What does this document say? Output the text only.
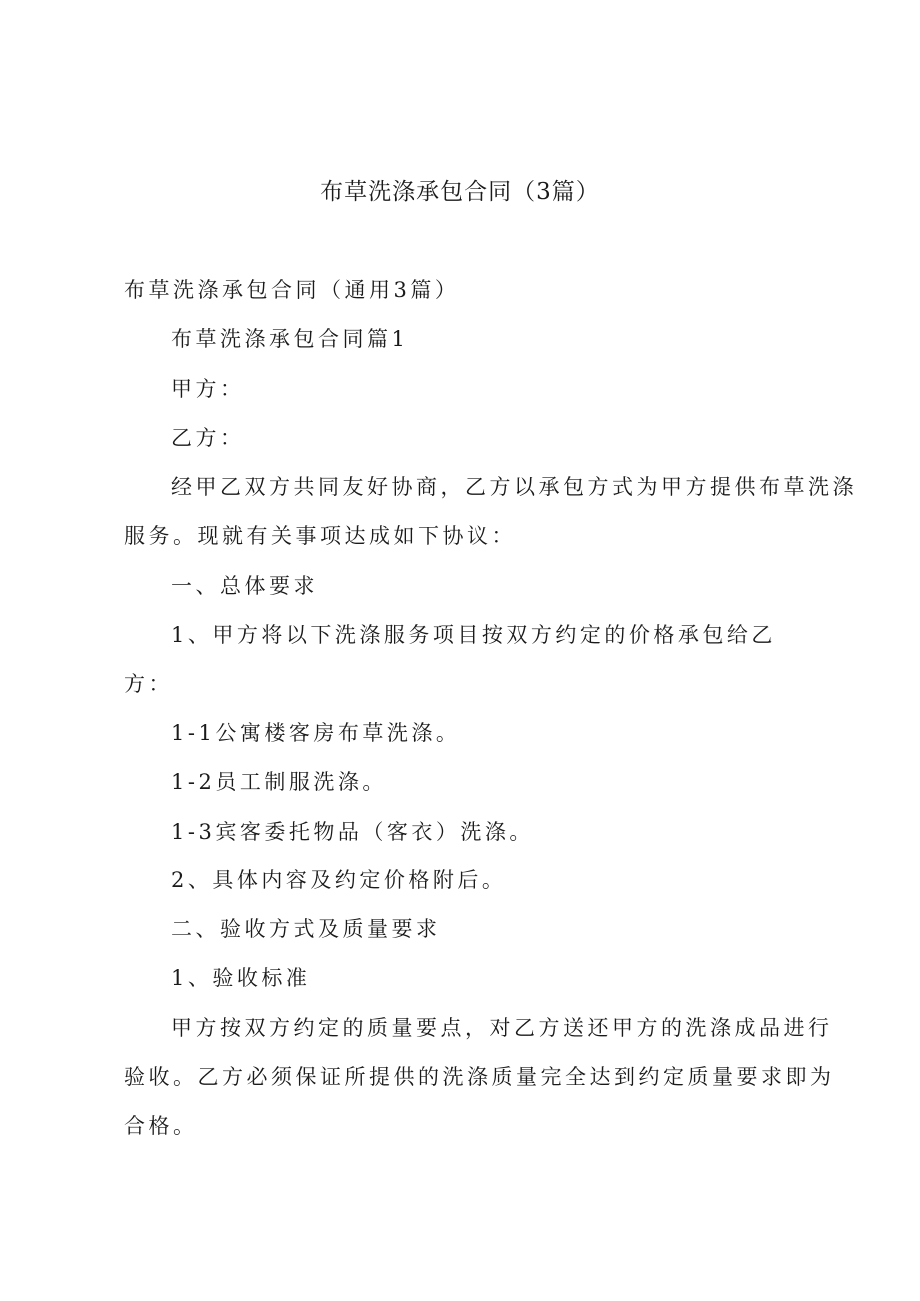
布草洗涤承包合同（3篇）
布草洗涤承包合同（通用3篇）
布草洗涤承包合同篇1
甲方：
乙方：
经甲乙双方共同友好协商，乙方以承包方式为甲方提供布草洗涤
服务。现就有关事项达成如下协议：
一、总体要求
1、甲方将以下洗涤服务项目按双方约定的价格承包给乙
方：
1-1公寓楼客房布草洗涤。
1-2员工制服洗涤。
1-3宾客委托物品（客衣）洗涤。
2、具体内容及约定价格附后。
二、验收方式及质量要求
1、验收标准
甲方按双方约定的质量要点，对乙方送还甲方的洗涤成品进行
验收。乙方必须保证所提供的洗涤质量完全达到约定质量要求即为
合格。
